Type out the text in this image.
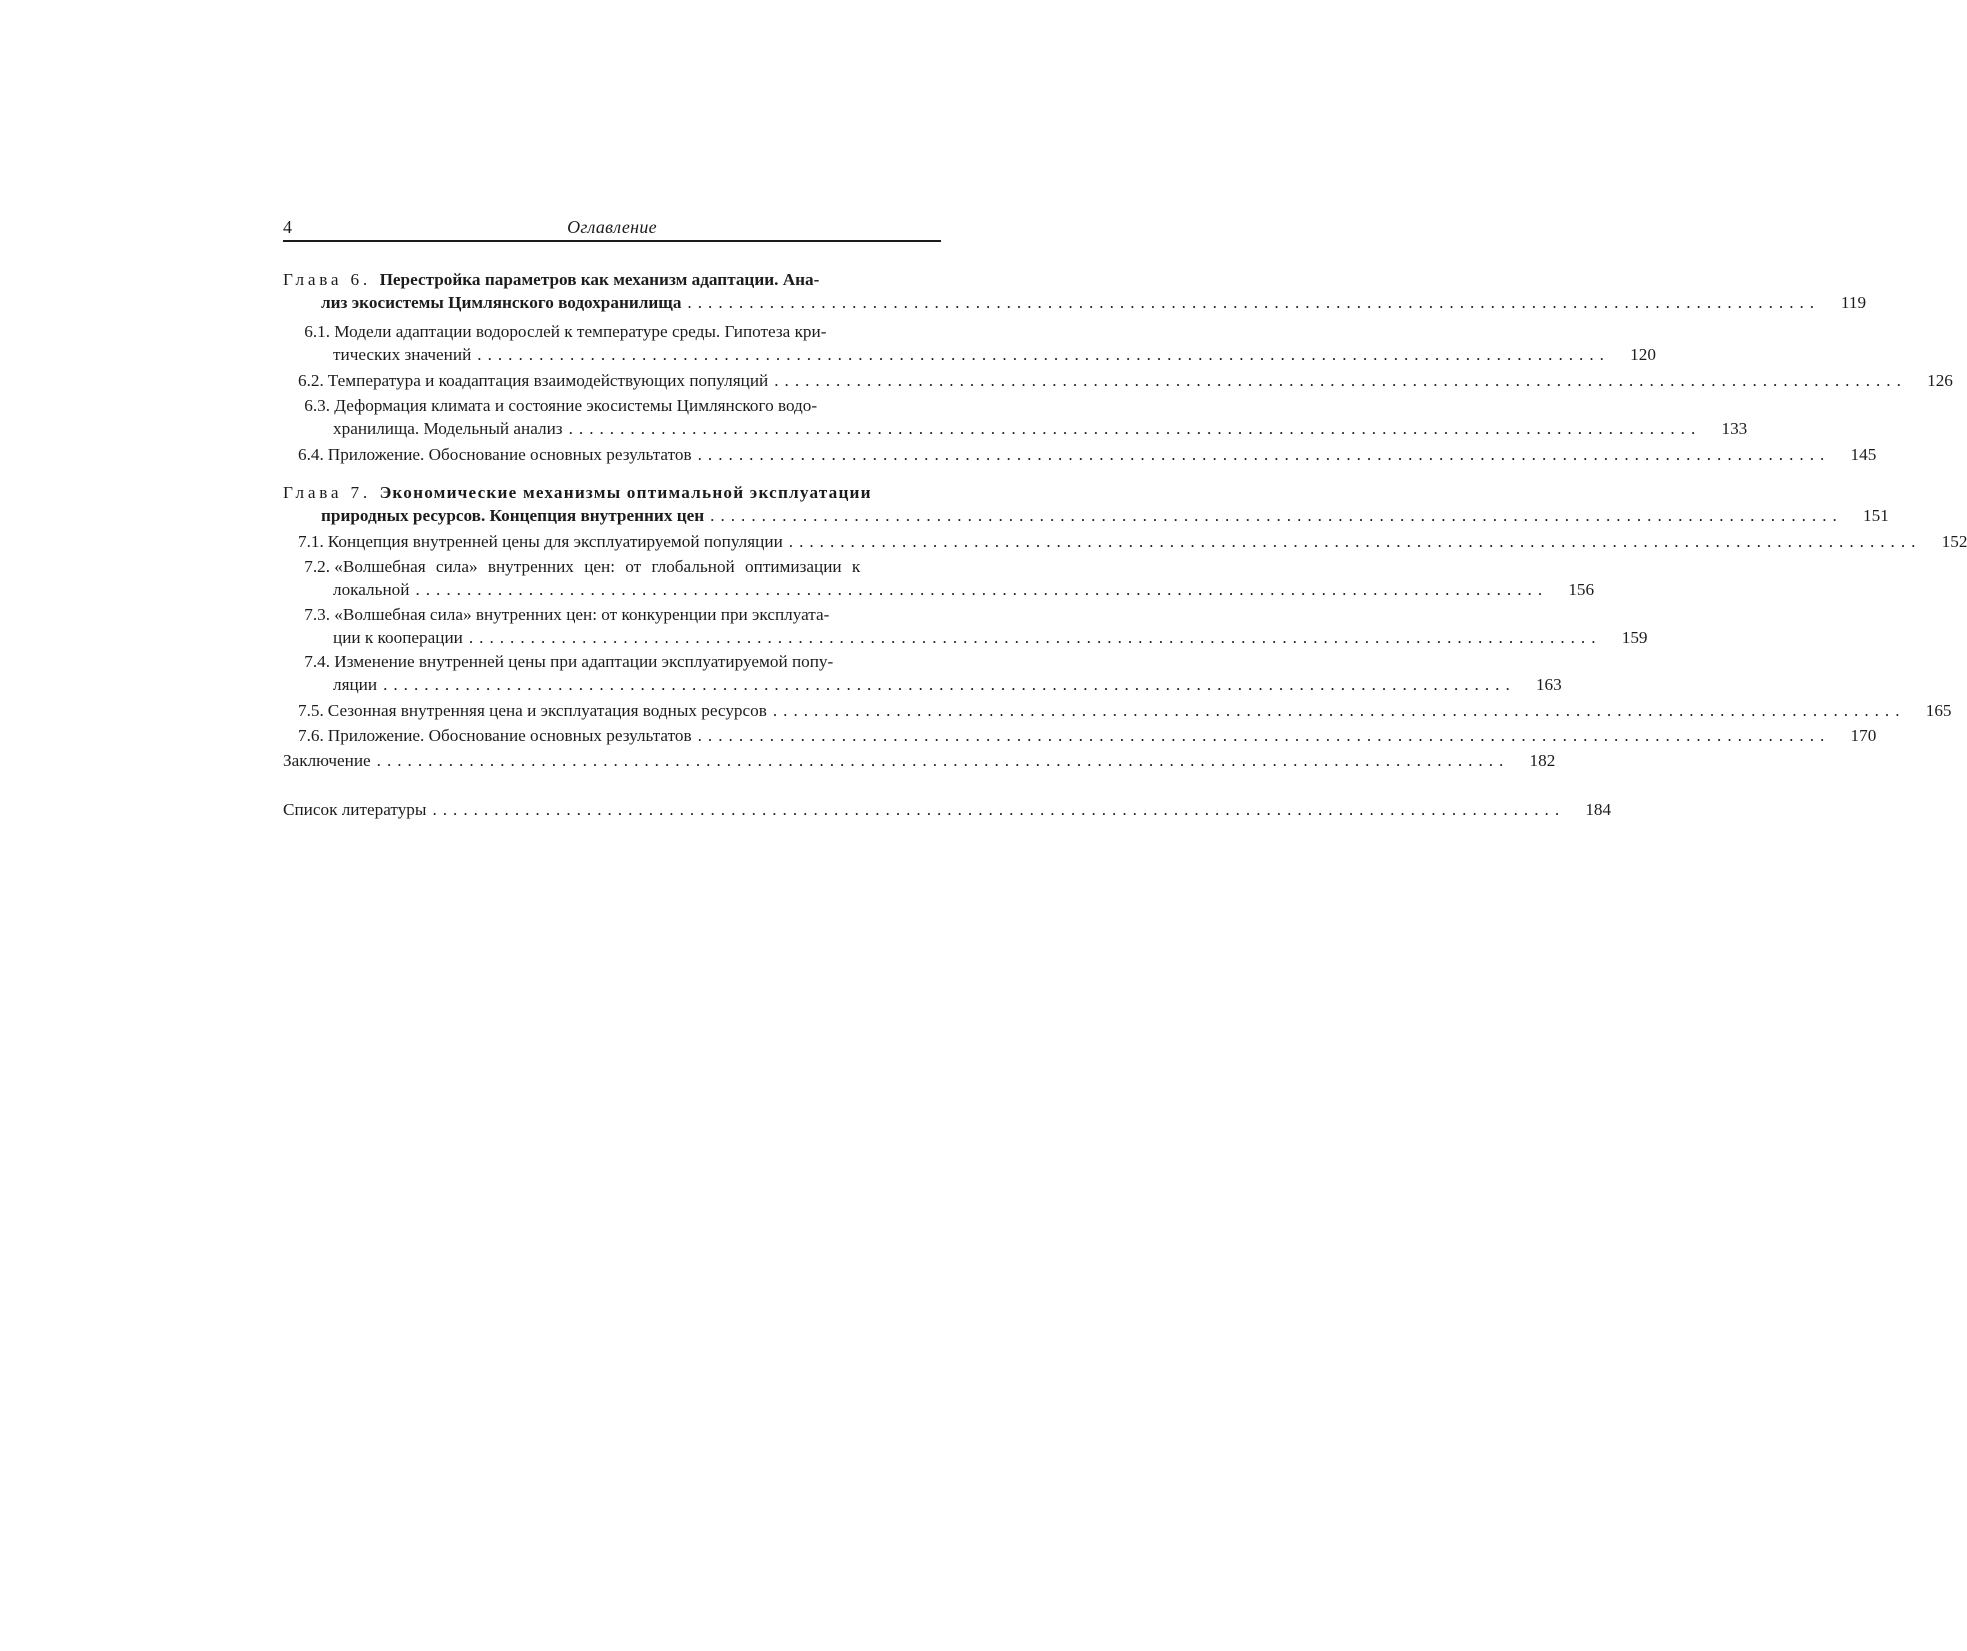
4	Оглавление
Глава 6. Перестройка параметров как механизм адаптации. Ана-
лиз экосистемы Цимлянского водохранилища ..............................................................................................................	119
6.1. Модели адаптации водорослей к температуре среды. Гипотеза кри-
тических значений ..............................................................................................................	120
6.2. Температура и коадаптация взаимодействующих популяций ..............................................................................................................	126
6.3. Деформация климата и состояние экосистемы Цимлянского водо-
хранилища. Модельный анализ ..............................................................................................................	133
6.4. Приложение. Обоснование основных результатов ..............................................................................................................	145
Глава 7. Экономические механизмы оптимальной эксплуатации
природных ресурсов. Концепция внутренних цен ..............................................................................................................	151
7.1. Концепция внутренней цены для эксплуатируемой популяции ..............................................................................................................	152
7.2. «Волшебная сила» внутренних цен: от глобальной оптимизации к
локальной ..............................................................................................................	156
7.3. «Волшебная сила» внутренних цен: от конкуренции при эксплуата-
ции к кооперации ..............................................................................................................	159
7.4. Изменение внутренней цены при адаптации эксплуатируемой попу-
ляции ..............................................................................................................	163
7.5. Сезонная внутренняя цена и эксплуатация водных ресурсов ..............................................................................................................	165
7.6. Приложение. Обоснование основных результатов ..............................................................................................................	170
Заключение ..............................................................................................................	182
Список литературы ..............................................................................................................	184
